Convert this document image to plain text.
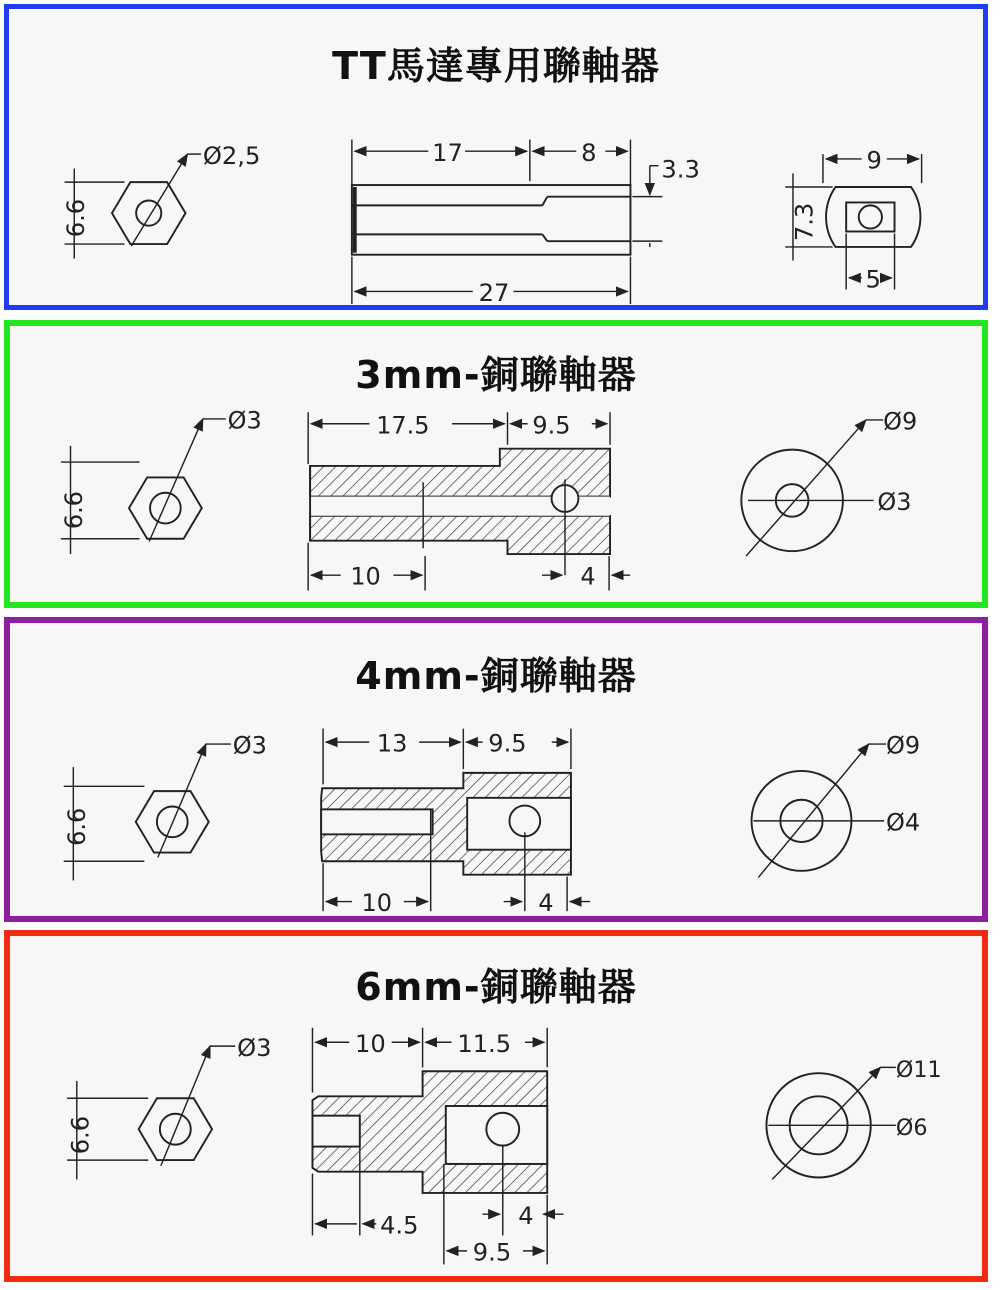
TT馬達專用聯軸器
6.6
Ø2,5	17	8
27
3.3	9
7.3
5
3mm-銅聯軸器
6.6
Ø3	17.5	9.5
10	4
Ø9
Ø3
4mm-銅聯軸器
6.6
Ø3	13	9.5
10	4
Ø9
Ø4
6mm-銅聯軸器
6.6
Ø3	10	11.5
4.5	4
9.5
Ø11
Ø6
